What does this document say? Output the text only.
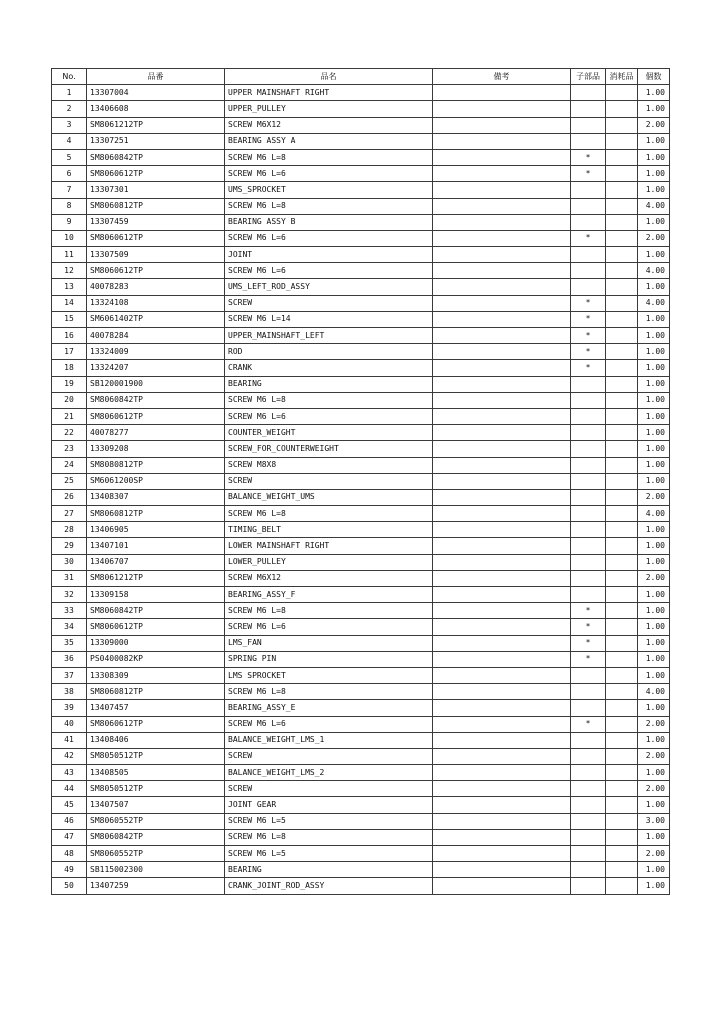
No.	品番	品名	備考	子部品	消耗品	個数
1	13307004	UPPER MAINSHAFT RIGHT				1.00
2	13406608	UPPER_PULLEY				1.00
3	SM8061212TP	SCREW M6X12				2.00
4	13307251	BEARING ASSY A				1.00
5	SM8060842TP	SCREW M6 L=8		*		1.00
6	SM8060612TP	SCREW M6 L=6		*		1.00
7	13307301	UMS_SPROCKET				1.00
8	SM8060812TP	SCREW M6 L=8				4.00
9	13307459	BEARING ASSY B				1.00
10	SM8060612TP	SCREW M6 L=6		*		2.00
11	13307509	JOINT				1.00
12	SM8060612TP	SCREW M6 L=6				4.00
13	40078283	UMS_LEFT_ROD_ASSY				1.00
14	13324108	SCREW		*		4.00
15	SM6061402TP	SCREW M6 L=14		*		1.00
16	40078284	UPPER_MAINSHAFT_LEFT		*		1.00
17	13324009	ROD		*		1.00
18	13324207	CRANK		*		1.00
19	SB120001900	BEARING				1.00
20	SM8060842TP	SCREW M6 L=8				1.00
21	SM8060612TP	SCREW M6 L=6				1.00
22	40078277	COUNTER_WEIGHT				1.00
23	13309208	SCREW_FOR_COUNTERWEIGHT				1.00
24	SM8080812TP	SCREW M8X8				1.00
25	SM6061200SP	SCREW				1.00
26	13408307	BALANCE_WEIGHT_UMS				2.00
27	SM8060812TP	SCREW M6 L=8				4.00
28	13406905	TIMING_BELT				1.00
29	13407101	LOWER MAINSHAFT RIGHT				1.00
30	13406707	LOWER_PULLEY				1.00
31	SM8061212TP	SCREW M6X12				2.00
32	13309158	BEARING_ASSY_F				1.00
33	SM8060842TP	SCREW M6 L=8		*		1.00
34	SM8060612TP	SCREW M6 L=6		*		1.00
35	13309000	LMS_FAN		*		1.00
36	PS0400082KP	SPRING PIN		*		1.00
37	13308309	LMS SPROCKET				1.00
38	SM8060812TP	SCREW M6 L=8				4.00
39	13407457	BEARING_ASSY_E				1.00
40	SM8060612TP	SCREW M6 L=6		*		2.00
41	13408406	BALANCE_WEIGHT_LMS_1				1.00
42	SM8050512TP	SCREW				2.00
43	13408505	BALANCE_WEIGHT_LMS_2				1.00
44	SM8050512TP	SCREW				2.00
45	13407507	JOINT GEAR				1.00
46	SM8060552TP	SCREW M6 L=5				3.00
47	SM8060842TP	SCREW M6 L=8				1.00
48	SM8060552TP	SCREW M6 L=5				2.00
49	SB115002300	BEARING				1.00
50	13407259	CRANK_JOINT_ROD_ASSY				1.00
